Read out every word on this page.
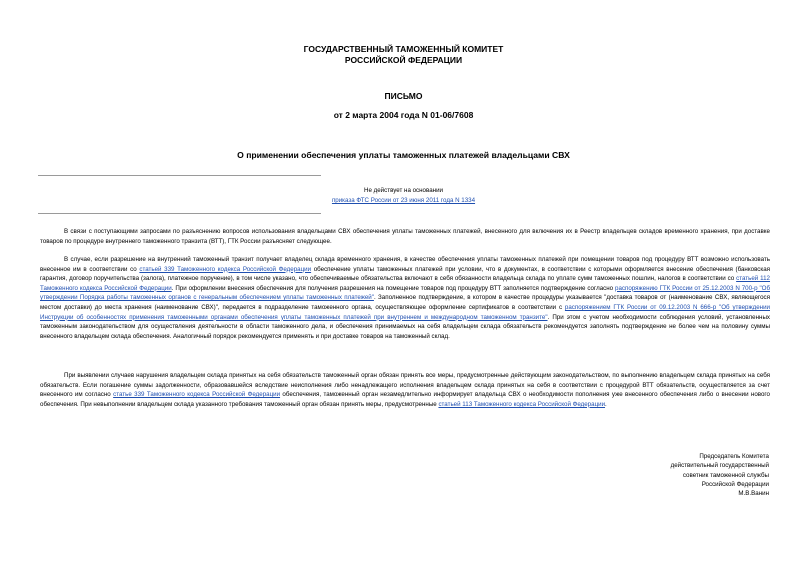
ГОСУДАРСТВЕННЫЙ ТАМОЖЕННЫЙ КОМИТЕТ
РОССИЙСКОЙ ФЕДЕРАЦИИ
ПИСЬМО
от 2 марта 2004 года N 01-06/7608
О применении обеспечения уплаты таможенных платежей владельцами СВХ
Не действует на основании
приказа ФТС России от 23 июня 2011 года N 1334

В связи с поступающими запросами по разъяснению вопросов использования владельцами СВХ обеспечения уплаты таможенных платежей, внесенного для включения их в Реестр владельцев складов временного хранения, при доставке товаров по процедуре внутреннего таможенного транзита (ВТТ), ГТК России разъясняет следующее.

В случае, если разрешение на внутренний таможенный транзит получает владелец склада временного хранения, в качестве обеспечения уплаты таможенных платежей при помещении товаров под процедуру ВТТ возможно использовать внесенное им в соответствии со статьей 339 Таможенного кодекса Российской Федерации обеспечение уплаты таможенных платежей при условии, что в документах, в соответствии с которыми оформляется внесение обеспечения (банковская гарантия, договор поручительства (залога), платежное поручение), в том числе указано, что обеспечиваемые обязательства включают в себя обязанности владельца склада по уплате сумм таможенных пошлин, налогов в соответствии со статьей 112 Таможенного кодекса Российской Федерации. При оформлении внесения обеспечения для получения разрешения на помещение товаров под процедуру ВТТ заполняется подтверждение согласно распоряжению ГТК России от 25.12.2003 N 700-р "Об утверждении Порядка работы таможенных органов с генеральным обеспечением уплаты таможенных платежей". Заполненное подтверждение, в котором в качестве процедуры указывается "доставка товаров от (наименование СВХ, являющегося местом доставки) до места хранения (наименование СВХ)", передается в подразделение таможенного органа, осуществляющее оформление сертификатов в соответствии с распоряжением ГТК России от 09.12.2003 N 666-р "Об утверждении Инструкции об особенностях применения таможенными органами обеспечения уплаты таможенных платежей при внутреннем и международном таможенном транзите". При этом с учетом необходимости соблюдения условий, установленных таможенным законодательством для осуществления деятельности в области таможенного дела, и обеспечения принимаемых на себя владельцем склада обязательств рекомендуется заполнять подтверждение не более чем на половину суммы внесенного владельцем склада обеспечения. Аналогичный порядок рекомендуется применять и при доставке товаров на таможенный склад.

При выявлении случаев нарушения владельцем склада принятых на себя обязательств таможенный орган обязан принять все меры, предусмотренные действующим законодательством, по выполнению владельцем склада принятых на себя обязательств. Если погашение суммы задолженности, образовавшейся вследствие неисполнения либо ненадлежащего исполнения владельцем склада принятых на себя в соответствии с процедурой ВТТ обязательств, осуществляется за счет внесенного им согласно статье 339 Таможенного кодекса Российской Федерации обеспечения, таможенный орган незамедлительно информирует владельца СВХ о необходимости пополнения уже внесенного обеспечения либо о внесении нового обеспечения. При невыполнении владельцем склада указанного требования таможенный орган обязан принять меры, предусмотренные статьей 113 Таможенного кодекса Российской Федерации.

Председатель Комитета
действительный государственный
советник таможенной службы
Российской Федерации
М.В.Ванин
